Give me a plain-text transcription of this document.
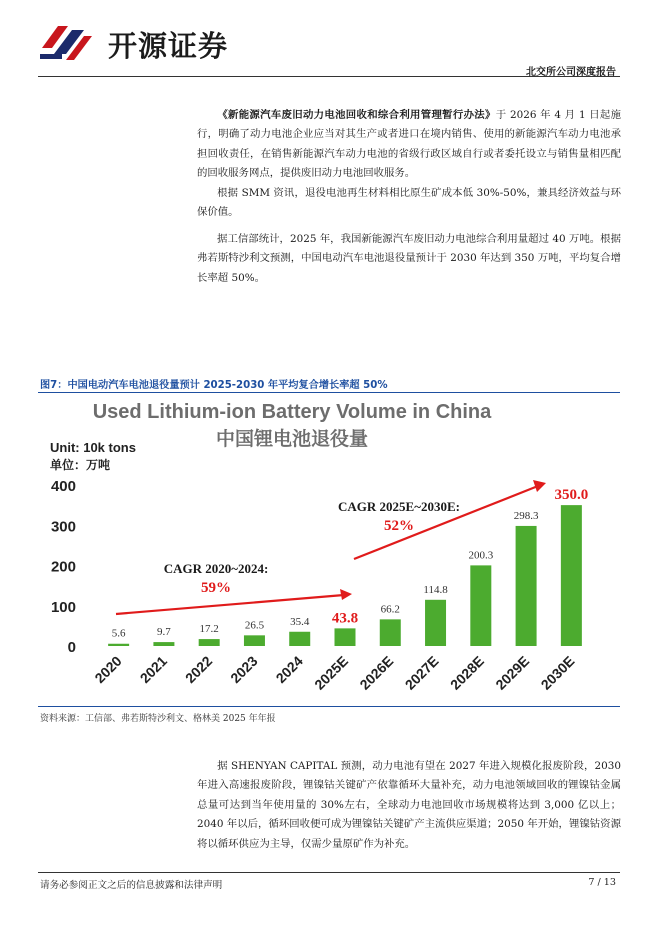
开源证券
北交所公司深度报告
《新能源汽车废旧动力电池回收和综合利用管理暂行办法》于 2026 年 4 月 1 日起施行，明确了动力电池企业应当对其生产或者进口在境内销售、使用的新能源汽车动力电池承担回收责任，在销售新能源汽车动力电池的省级行政区域自行或者委托设立与销售量相匹配的回收服务网点，提供废旧动力电池回收服务。
根据 SMM 资讯，退役电池再生材料相比原生矿成本低 30%-50%，兼具经济效益与环保价值。
据工信部统计，2025 年，我国新能源汽车废旧动力电池综合利用量超过 40 万吨。根据弗若斯特沙利文预测，中国电动汽车电池退役量预计于 2030 年达到 350 万吨，平均复合增长率超 50%。
图7：中国电动汽车电池退役量预计 2025-2030 年平均复合增长率超 50%
Used Lithium-ion Battery Volume in China
中国锂电池退役量
Unit: 10k tons
单位：万吨
0
100
200
300
400
5.6	9.7	17.2 26.5 35.4 43.8
66.2
114.8
200.3
298.3
350.0
2020 2021 2022 2023 2024 2025E 2026E 2027E 2028E 2029E 2030E
CAGR 2020~2024:
59%
CAGR 2025E~2030E:
52%
资料来源：工信部、弗若斯特沙利文、格林美 2025 年年报
据 SHENYAN CAPITAL 预测，动力电池有望在 2027 年进入规模化报废阶段，2030 年进入高速报废阶段，锂镍钴关键矿产依靠循环大量补充，动力电池领域回收的锂镍钴金属总量可达到当年使用量的 30%左右，全球动力电池回收市场规模将达到 3,000 亿以上；2040 年以后，循环回收便可成为锂镍钴关键矿产主流供应渠道；2050 年开始，锂镍钴资源将以循环供应为主导，仅需少量原矿作为补充。
请务必参阅正文之后的信息披露和法律声明	7 / 13
